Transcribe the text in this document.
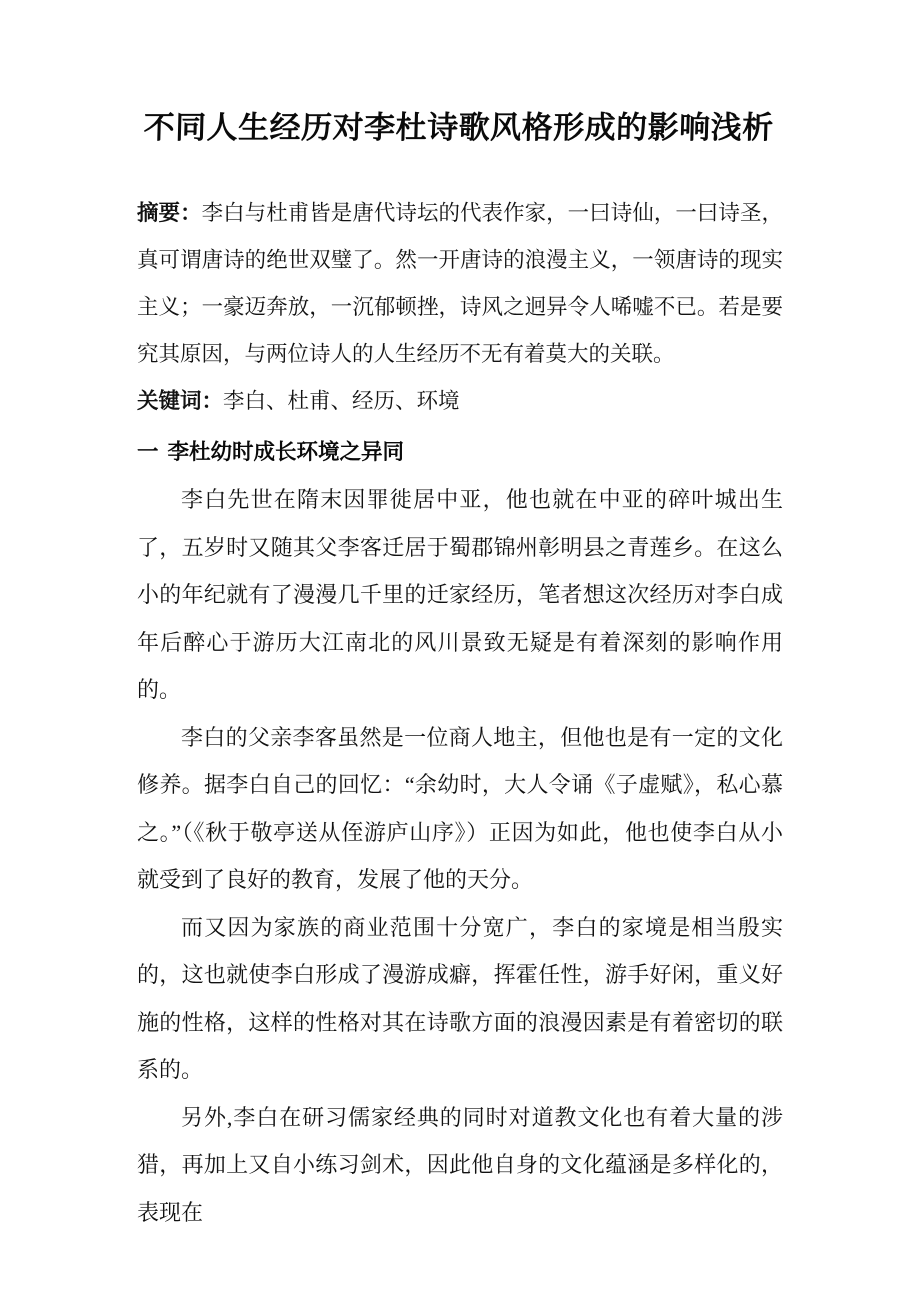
不同人生经历对李杜诗歌风格形成的影响浅析

摘要：李白与杜甫皆是唐代诗坛的代表作家，一曰诗仙，一曰诗圣，真可谓唐诗的绝世双璧了。然一开唐诗的浪漫主义，一领唐诗的现实主义；一豪迈奔放，一沉郁顿挫，诗风之迥异令人唏嘘不已。若是要究其原因，与两位诗人的人生经历不无有着莫大的关联。

关键词：李白、杜甫、经历、环境

一 李杜幼时成长环境之异同

李白先世在隋末因罪徙居中亚，他也就在中亚的碎叶城出生了，五岁时又随其父李客迁居于蜀郡锦州彰明县之青莲乡。在这么小的年纪就有了漫漫几千里的迁家经历，笔者想这次经历对李白成年后醉心于游历大江南北的风川景致无疑是有着深刻的影响作用的。

李白的父亲李客虽然是一位商人地主，但他也是有一定的文化修养。据李白自己的回忆：“余幼时，大人令诵《子虚赋》，私心慕之。”（《秋于敬亭送从侄游庐山序》）正因为如此，他也使李白从小就受到了良好的教育，发展了他的天分。

而又因为家族的商业范围十分宽广，李白的家境是相当殷实的，这也就使李白形成了漫游成癖，挥霍任性，游手好闲，重义好施的性格，这样的性格对其在诗歌方面的浪漫因素是有着密切的联系的。

另外,李白在研习儒家经典的同时对道教文化也有着大量的涉猎，再加上又自小练习剑术，因此他自身的文化蕴涵是多样化的，表现在
